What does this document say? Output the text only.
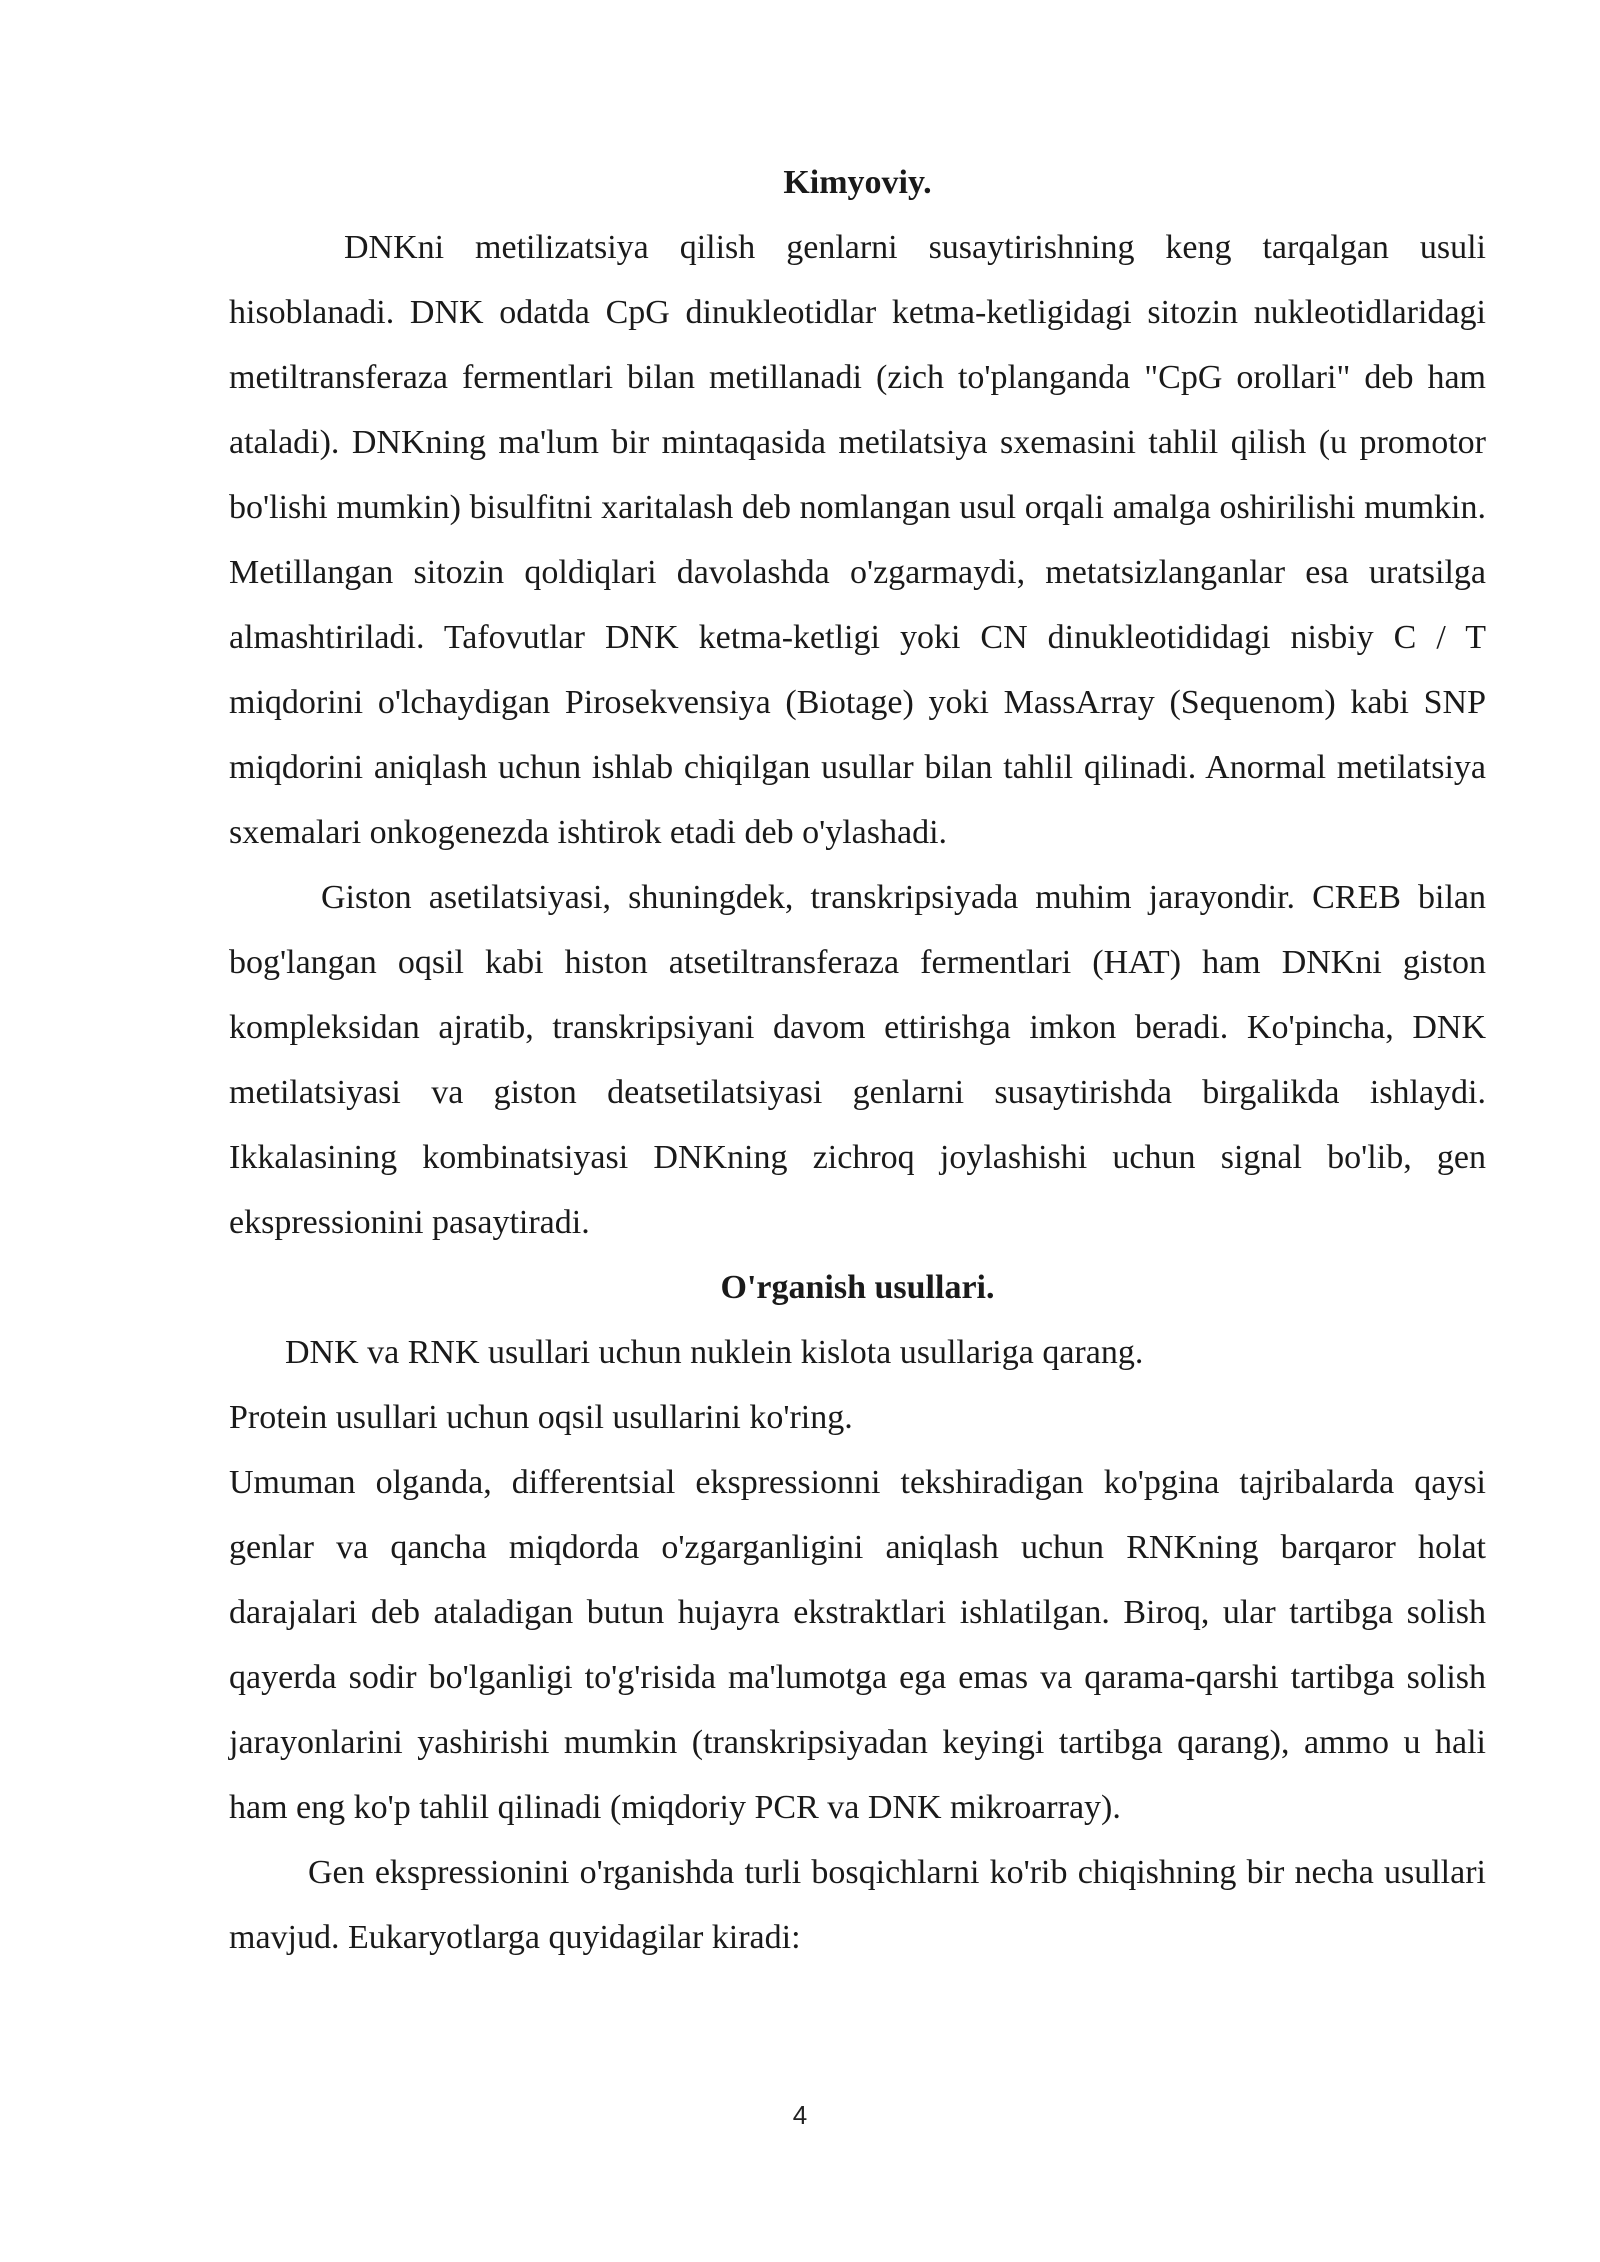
Kimyoviy.

DNKni metilizatsiya qilish genlarni susaytirishning keng tarqalgan usuli hisoblanadi. DNK odatda CpG dinukleotidlar ketma-ketligidagi sitozin nukleotidlaridagi metiltransferaza fermentlari bilan metillanadi (zich to'planganda "CpG orollari" deb ham ataladi). DNKning ma'lum bir mintaqasida metilatsiya sxemasini tahlil qilish (u promotor bo'lishi mumkin) bisulfitni xaritalash deb nomlangan usul orqali amalga oshirilishi mumkin. Metillangan sitozin qoldiqlari davolashda o'zgarmaydi, metatsizlanganlar esa uratsilga almashtiriladi. Tafovutlar DNK ketma-ketligi yoki CN dinukleotididagi nisbiy C / T miqdorini o'lchaydigan Pirosekvensiya (Biotage) yoki MassArray (Sequenom) kabi SNP miqdorini aniqlash uchun ishlab chiqilgan usullar bilan tahlil qilinadi. Anormal metilatsiya sxemalari onkogenezda ishtirok etadi deb o'ylashadi.

Giston asetilatsiyasi, shuningdek, transkripsiyada muhim jarayondir. CREB bilan bog'langan oqsil kabi histon atsetiltransferaza fermentlari (HAT) ham DNKni giston kompleksidan ajratib, transkripsiyani davom ettirishga imkon beradi. Ko'pincha, DNK metilatsiyasi va giston deatsetilatsiyasi genlarni susaytirishda birgalikda ishlaydi. Ikkalasining kombinatsiyasi DNKning zichroq joylashishi uchun signal bo'lib, gen ekspressionini pasaytiradi.

O'rganish usullari.

DNK va RNK usullari uchun nuklein kislota usullariga qarang.

Protein usullari uchun oqsil usullarini ko'ring.

Umuman olganda, differentsial ekspressionni tekshiradigan ko'pgina tajribalarda qaysi genlar va qancha miqdorda o'zgarganligini aniqlash uchun RNKning barqaror holat darajalari deb ataladigan butun hujayra ekstraktlari ishlatilgan. Biroq, ular tartibga solish qayerda sodir bo'lganligi to'g'risida ma'lumotga ega emas va qarama-qarshi tartibga solish jarayonlarini yashirishi mumkin (transkripsiyadan keyingi tartibga qarang), ammo u hali ham eng ko'p tahlil qilinadi (miqdoriy PCR va DNK mikroarray).

Gen ekspressionini o'rganishda turli bosqichlarni ko'rib chiqishning bir necha usullari mavjud. Eukaryotlarga quyidagilar kiradi:

4
